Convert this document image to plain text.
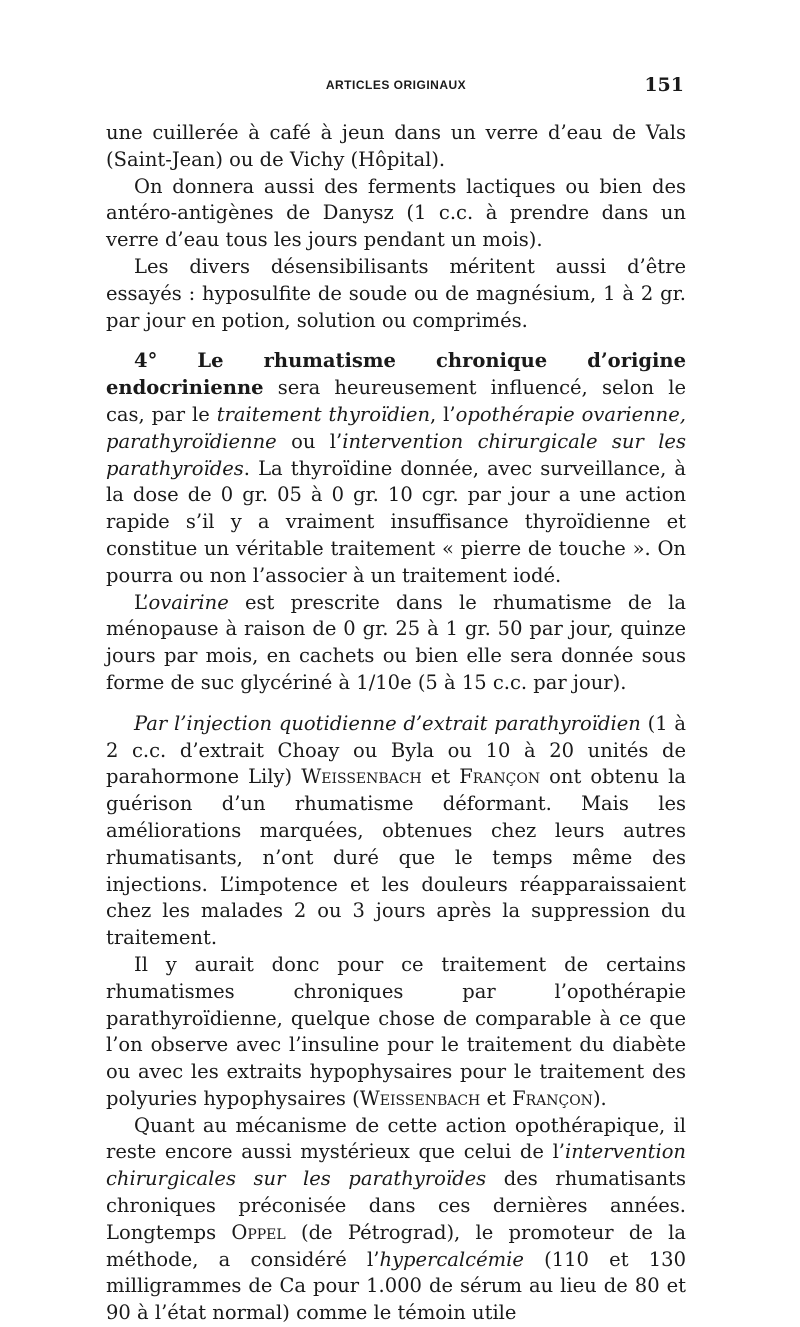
ARTICLES ORIGINAUX	151

une cuillerée à café à jeun dans un verre d’eau de Vals (Saint-Jean) ou de Vichy (Hôpital).

On donnera aussi des ferments lactiques ou bien des antéro-antigènes de Danysz (1 c.c. à prendre dans un verre d’eau tous les jours pendant un mois).

Les divers désensibilisants méritent aussi d’être essayés : hyposulfite de soude ou de magnésium, 1 à 2 gr. par jour en potion, solution ou comprimés.

4° Le rhumatisme chronique d’origine endocrinienne sera heureusement influencé, selon le cas, par le traitement thyroïdien, l’opothérapie ovarienne, parathyroïdienne ou l’intervention chirurgicale sur les parathyroïdes. La thyroïdine donnée, avec surveillance, à la dose de 0 gr. 05 à 0 gr. 10 cgr. par jour a une action rapide s’il y a vraiment insuffisance thyroïdienne et constitue un véritable traitement « pierre de touche ». On pourra ou non l’associer à un traitement iodé.

L’ovairine est prescrite dans le rhumatisme de la ménopause à raison de 0 gr. 25 à 1 gr. 50 par jour, quinze jours par mois, en cachets ou bien elle sera donnée sous forme de suc glycériné à 1/10e (5 à 15 c.c. par jour).

Par l’injection quotidienne d’extrait parathyroïdien (1 à 2 c.c. d’extrait Choay ou Byla ou 10 à 20 unités de parahormone Lily) Weissenbach et Françon ont obtenu la guérison d’un rhumatisme déformant. Mais les améliorations marquées, obtenues chez leurs autres rhumatisants, n’ont duré que le temps même des injections. L’impotence et les douleurs réapparaissaient chez les malades 2 ou 3 jours après la suppression du traitement.

Il y aurait donc pour ce traitement de certains rhumatismes chroniques par l’opothérapie parathyroïdienne, quelque chose de comparable à ce que l’on observe avec l’insuline pour le traitement du diabète ou avec les extraits hypophysaires pour le traitement des polyuries hypophysaires (Weissenbach et Françon).

Quant au mécanisme de cette action opothérapique, il reste encore aussi mystérieux que celui de l’intervention chirurgicales sur les parathyroïdes des rhumatisants chroniques préconisée dans ces dernières années. Longtemps Oppel (de Pétrograd), le promoteur de la méthode, a considéré l’hypercalcémie (110 et 130 milligrammes de Ca pour 1.000 de sérum au lieu de 80 et 90 à l’état normal) comme le témoin utile
